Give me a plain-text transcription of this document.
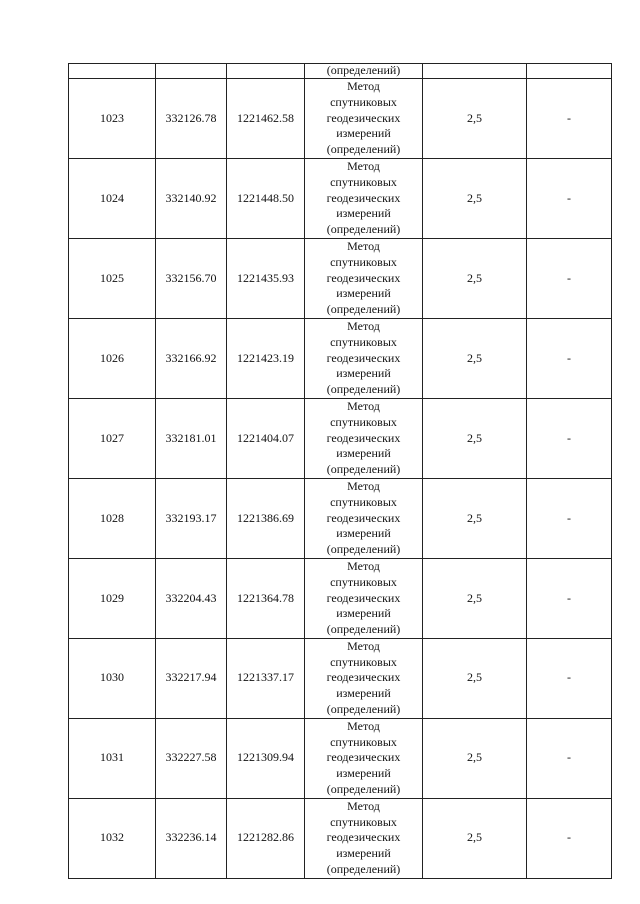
			(определений)		
1023	332126.78	1221462.58	Метод
спутниковых
геодезических
измерений
(определений)	2,5	-
1024	332140.92	1221448.50	Метод
спутниковых
геодезических
измерений
(определений)	2,5	-
1025	332156.70	1221435.93	Метод
спутниковых
геодезических
измерений
(определений)	2,5	-
1026	332166.92	1221423.19	Метод
спутниковых
геодезических
измерений
(определений)	2,5	-
1027	332181.01	1221404.07	Метод
спутниковых
геодезических
измерений
(определений)	2,5	-
1028	332193.17	1221386.69	Метод
спутниковых
геодезических
измерений
(определений)	2,5	-
1029	332204.43	1221364.78	Метод
спутниковых
геодезических
измерений
(определений)	2,5	-
1030	332217.94	1221337.17	Метод
спутниковых
геодезических
измерений
(определений)	2,5	-
1031	332227.58	1221309.94	Метод
спутниковых
геодезических
измерений
(определений)	2,5	-
1032	332236.14	1221282.86	Метод
спутниковых
геодезических
измерений
(определений)	2,5	-
